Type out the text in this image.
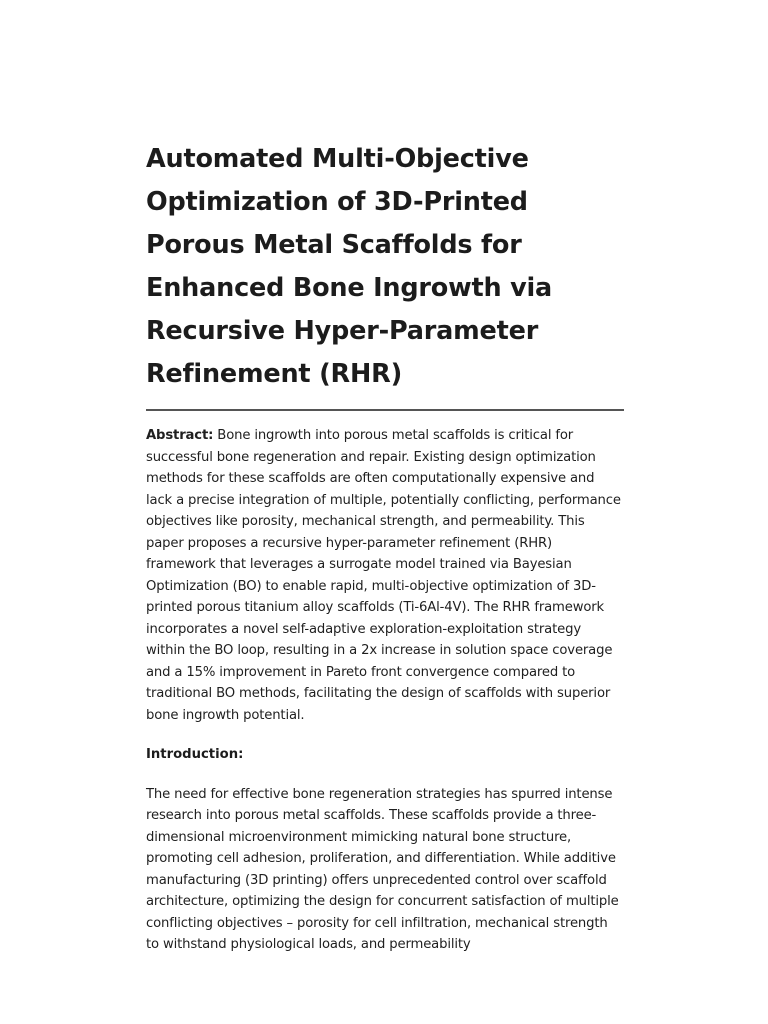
Automated Multi-Objective Optimization of 3D-Printed Porous Metal Scaffolds for Enhanced Bone Ingrowth via Recursive Hyper-Parameter Refinement (RHR)

Abstract: Bone ingrowth into porous metal scaffolds is critical for successful bone regeneration and repair. Existing design optimization methods for these scaffolds are often computationally expensive and lack a precise integration of multiple, potentially conflicting, performance objectives like porosity, mechanical strength, and permeability. This paper proposes a recursive hyper-parameter refinement (RHR) framework that leverages a surrogate model trained via Bayesian Optimization (BO) to enable rapid, multi-objective optimization of 3D-printed porous titanium alloy scaffolds (Ti-6Al-4V). The RHR framework incorporates a novel self-adaptive exploration-exploitation strategy within the BO loop, resulting in a 2x increase in solution space coverage and a 15% improvement in Pareto front convergence compared to traditional BO methods, facilitating the design of scaffolds with superior bone ingrowth potential.

Introduction:

The need for effective bone regeneration strategies has spurred intense research into porous metal scaffolds. These scaffolds provide a three-dimensional microenvironment mimicking natural bone structure, promoting cell adhesion, proliferation, and differentiation. While additive manufacturing (3D printing) offers unprecedented control over scaffold architecture, optimizing the design for concurrent satisfaction of multiple conflicting objectives – porosity for cell infiltration, mechanical strength to withstand physiological loads, and permeability
